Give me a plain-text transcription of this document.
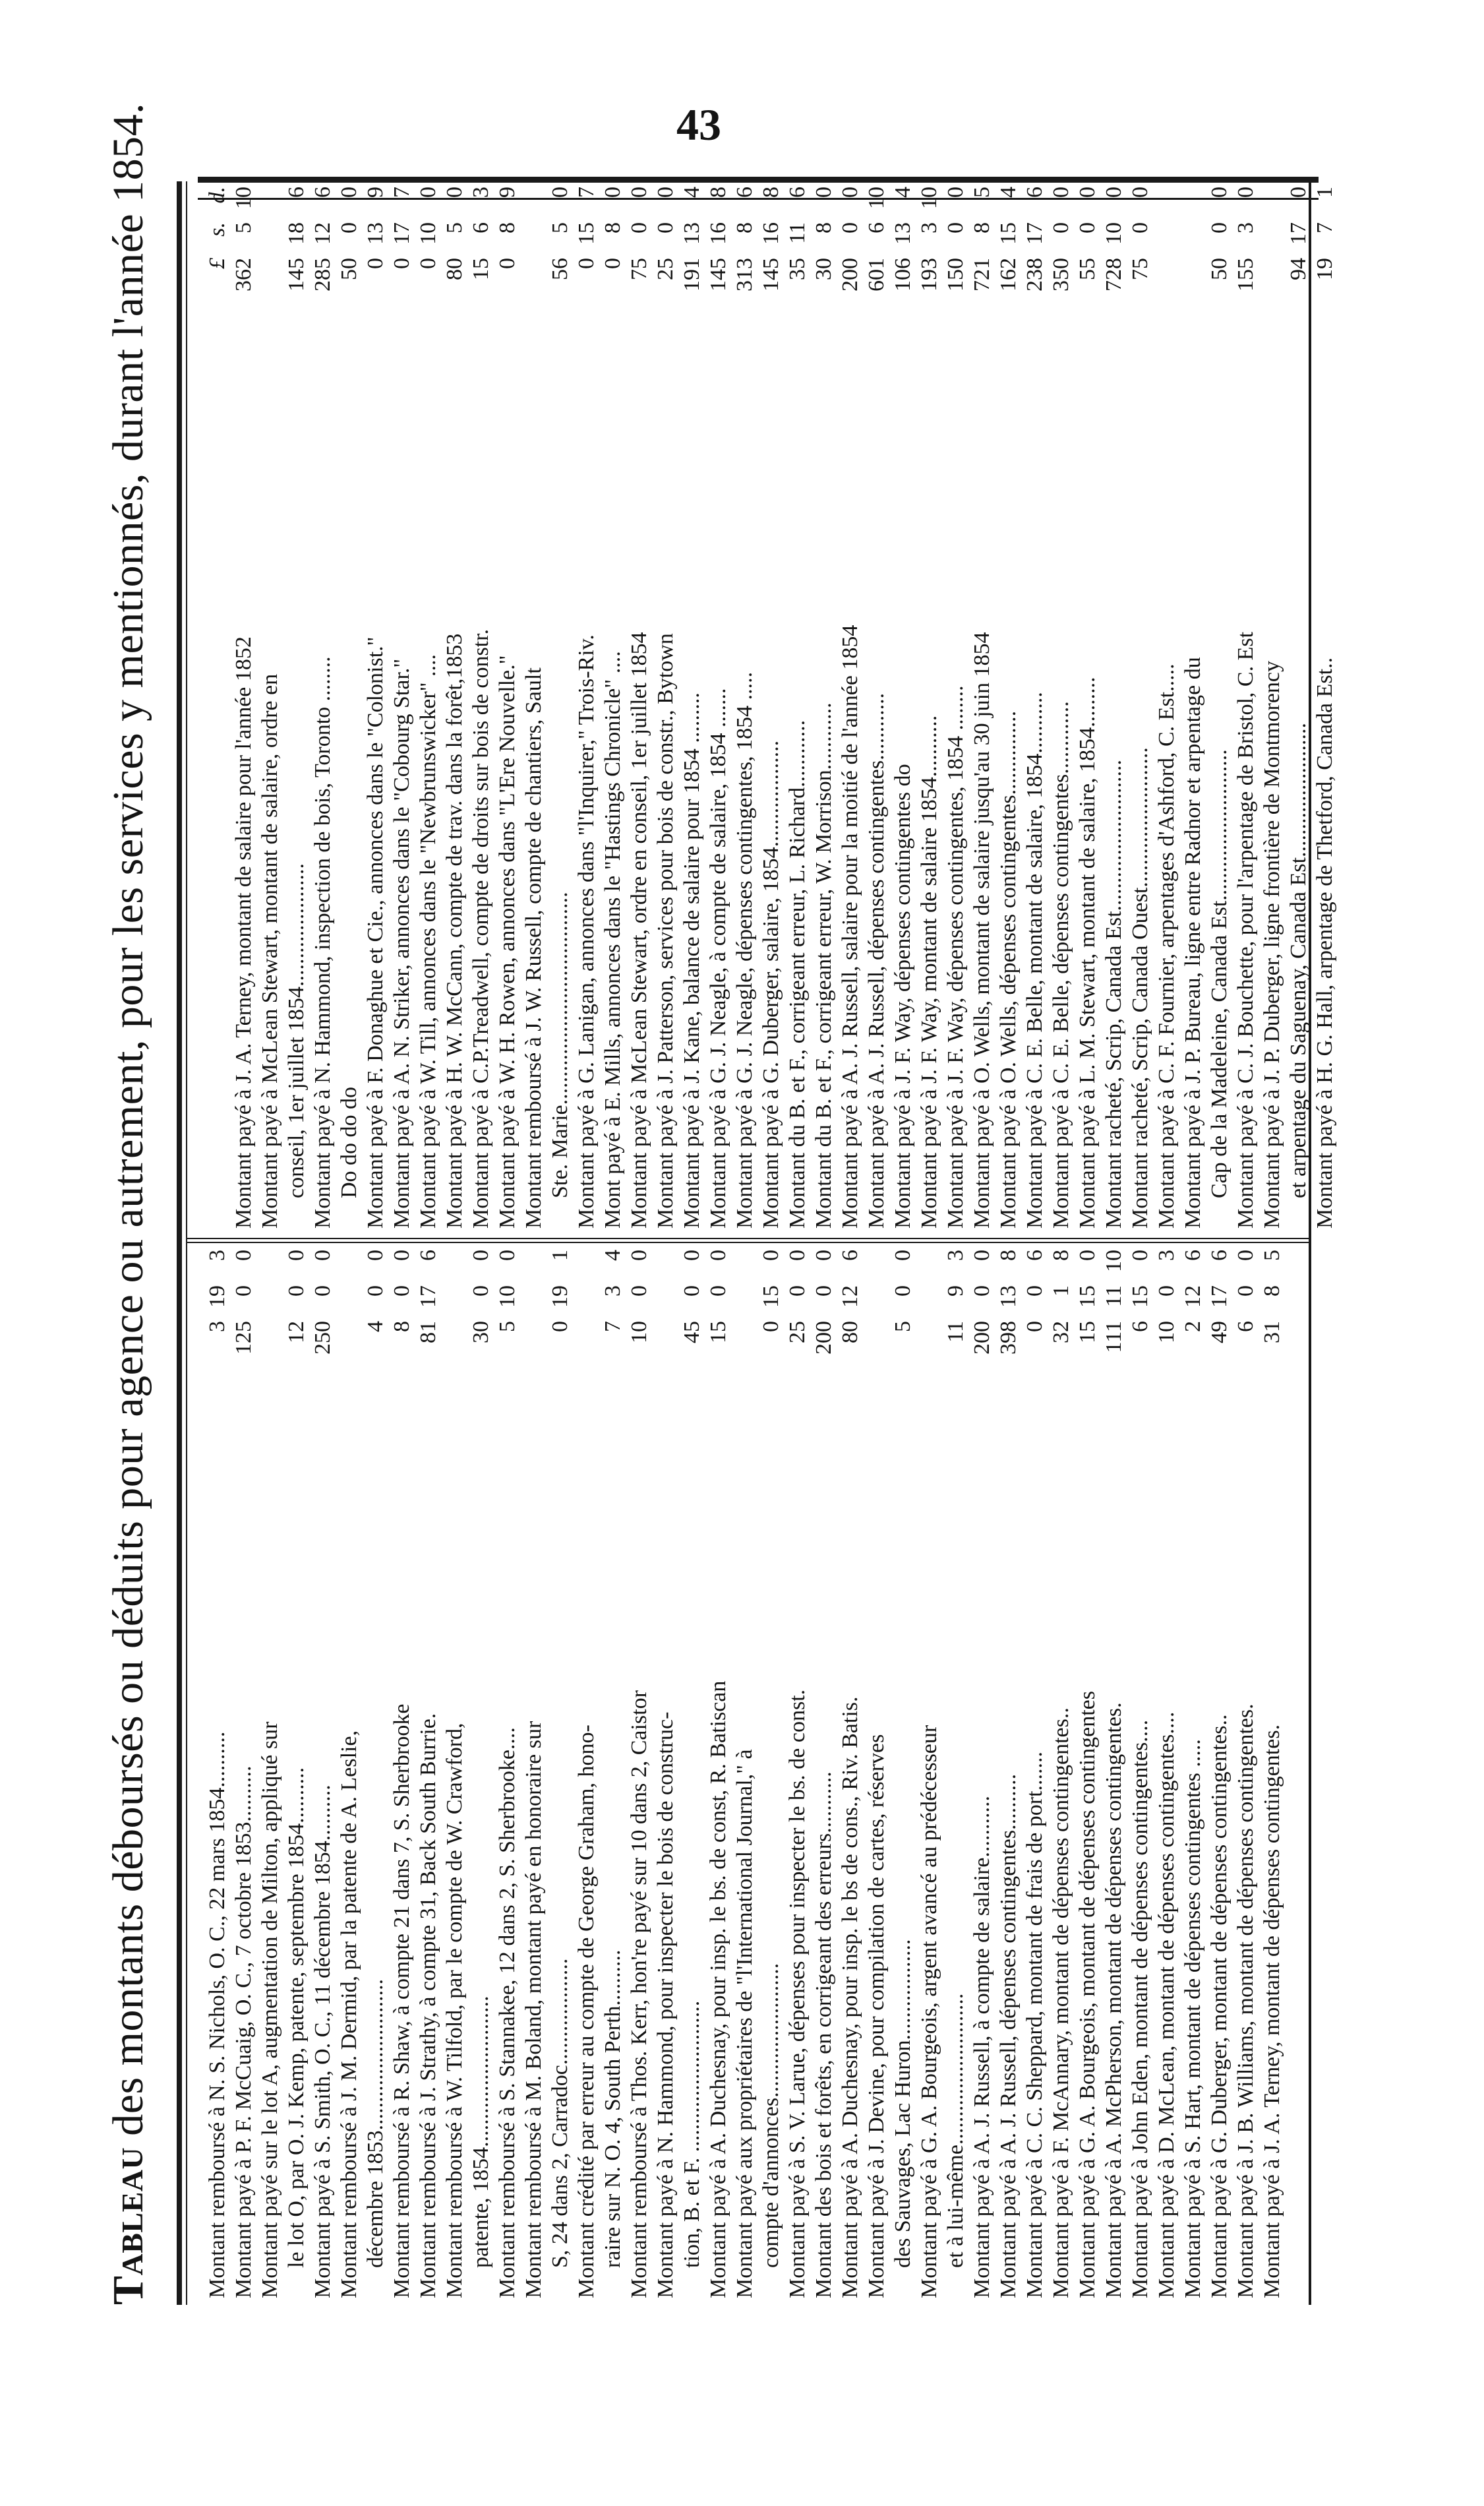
43
Tableau des montants déboursés ou déduits pour agence ou autrement, pour les services y mentionnés, durant l'année 1854.	Montant remboursé à N. S. Nichols, O. C., 22 mars 1854..........
3
19
3
Montant payé à P. F. McCuaig, O. C., 7 octobre 1853..........
125
0
0
Montant payé sur le lot A, augmentation de Milton, appliqué sur le lot O, par O. J. Kemp, patente, septembre 1854..........
12
0
0
Montant payé à S. Smith, O. C., 11 décembre 1854..........
250
0
0
Montant remboursé à J. M. Dermid, par la patente de A. Leslie, décembre 1853...........................
4
0
0
Montant remboursé à R. Shaw, à compte 21 dans 7, S. Sherbrooke
8
0
0
Montant remboursé à J. Strathy, à compte 31, Back South Burrie.
81
17
6
Montant remboursé à W. Tilfold, par le compte de W. Crawford, patente, 1854...........................
30
0
0
Montant remboursé à S. Stannakee, 12 dans 2, S. Sherbrooke....
5
10
0
Montant remboursé à M. Boland, montant payé en honoraire sur S, 24 dans 2, Carradoc...................
0
19
1
Montant crédité par erreur au compte de George Graham, hono- raire sur N. O. 4, South Perth..........
7
3
4
Montant remboursé à Thos. Kerr, hon're payé sur 10 dans 2, Caistor
10
0
0
Montant payé à N. Hammond, pour inspecter le bois de construc- tion, B. et F. ...........................
45
0
0
Montant payé à A. Duchesnay, pour insp. le bs. de const, R. Batiscan
15
0
0
Montant payé aux propriétaires de "l'International Journal," à compte d'annonces........................
0
15
0
Montant payé à S. V. Larue, dépenses pour inspecter le bs. de const.
25
0
0
Montant des bois et forêts, en corrigeant des erreurs...........
200
0
0
Montant payé à A. Duchesnay, pour insp. le bs de cons., Riv. Batis.
80
12
6
Montant payé à J. Devine, pour compilation de cartes, réserves des Sauvages, Lac Huron..................
5
0
0
Montant payé à G. A. Bourgeois, argent avancé au prédécesseur et à lui-même...........................
11
9
3
Montant payé à A. J. Russell, à compte de salaire...........
200
0
0
Montant payé à A. J. Russell, dépenses contingentes..........
398
13
8
Montant payé à C. C. Sheppard, montant de frais de port.......
0
0
6
Montant payé à F. McAnnary, montant de dépenses contingentes..
32
1
8
Montant payé à G. A. Bourgeois, montant de dépenses contingentes
15
15
0
Montant payé à A. McPherson, montant de dépenses contingentes.
111
11
10
Montant payé à John Eden, montant de dépenses contingentes....
6
15
0
Montant payé à D. McLean, montant de dépenses contingentes....
10
0
3
Montant payé à S. Hart, montant de dépenses contingentes .....
2
12
6
Montant payé à G. Duberger, montant de dépenses contingentes..
49
17
6
Montant payé à J. B. Williams, montant de dépenses contingentes.
6
0
0
Montant payé à J. A. Terney, montant de dépenses contingentes.
31
8
5
£
s.
d.
Montant payé à J. A. Terney, montant de salaire pour l'année 1852
362
5
10
Montant payé à McLean Stewart, montant de salaire, ordre en conseil, 1er juillet 1854......................
145
18
6
Montant payé à N. Hammond, inspection de bois, Toronto ........
285
12
6
Do do do do
50
0
0
Montant payé à F. Donaghue et Cie., annonces dans le "Colonist."
0
13
9
Montant payé à A. N. Striker, annonces dans le "Cobourg Star."
0
17
7
Montant payé à W. Till, annonces dans le "Newbrunswicker" ....
0
10
0
Montant payé à H. W. McCann, compte de trav. dans la forêt,1853
80
5
0
Montant payé à C.P.Treadwell, compte de droits sur bois de constr.
15
6
3
Montant payé à W. H. Rowen, annonces dans "L'Ere Nouvelle."
0
8
9
Montant remboursé à J. W. Russell, compte de chantiers, Sault Ste. Marie......................................
56
5
0
Montant payé à G. Lanigan, annonces dans "l'Inquirer," Trois-Riv.
0
15
7
Mont payé à E. Mills, annonces dans le "Hastings Chronicle" ....
0
8
0
Montant payé à McLean Stewart, ordre en conseil, 1er juillet 1854
75
0
0
Montant payé à J. Patterson, services pour bois de constr., Bytown
25
0
0
Montant payé à J. Kane, balance de salaire pour 1854 .........
191
13
4
Montant payé à G. J. Neagle, à compte de salaire, 1854 .......
145
16
8
Montant payé à G. J. Neagle, dépenses contingentes, 1854 .....
313
8
6
Montant payé à G. Duberger, salaire, 1854...................
145
16
8
Montant du B. et F., corrigeant erreur, L. Richard............
35
11
6
Montant du B. et F., corrigeant erreur, W. Morrison............
30
8
0
Montant payé à A. J. Russell, salaire pour la moitié de l'année 1854
200
0
0
Montant payé à A. J. Russell, dépenses contingentes............
601
6
10
Montant payé à J. F. Way, dépenses contingentes do
106
13
4
Montant payé à J. F. Way, montant de salaire 1854...........
193
3
10
Montant payé à J. F. Way, dépenses contingentes, 1854 ........
150
0
0
Montant payé à O. Wells, montant de salaire jusqu'au 30 juin 1854
721
8
5
Montant payé à O. Wells, dépenses contingentes...............
162
15
4
Montant payé à C. E. Belle, montant de salaire, 1854...........
238
17
6
Montant payé à C. E. Belle, dépenses contingentes.............
350
0
0
Montant payé à L. M. Stewart, montant de salaire, 1854.........
55
0
0
Montant racheté, Scrip, Canada Est...........................
728
10
0
Montant racheté, Scrip, Canada Ouest.........................
75
0
0
Montant payé à C. F. Fournier, arpentages d'Ashford, C. Est..... Montant payé à J. P. Bureau, ligne entre Radnor et arpentage du Cap de la Madeleine, Canada Est...........................
50
0
0
Montant payé à C. J. Bouchette, pour l'arpentage de Bristol, C. Est
155
3
0
Montant payé à J. P. Duberger, ligne frontière de Montmorency et arpentage du Saguenay, Canada Est........................
94
17
0
Montant payé à H. G. Hall, arpentage de Thetford, Canada Est..
19
7
1
